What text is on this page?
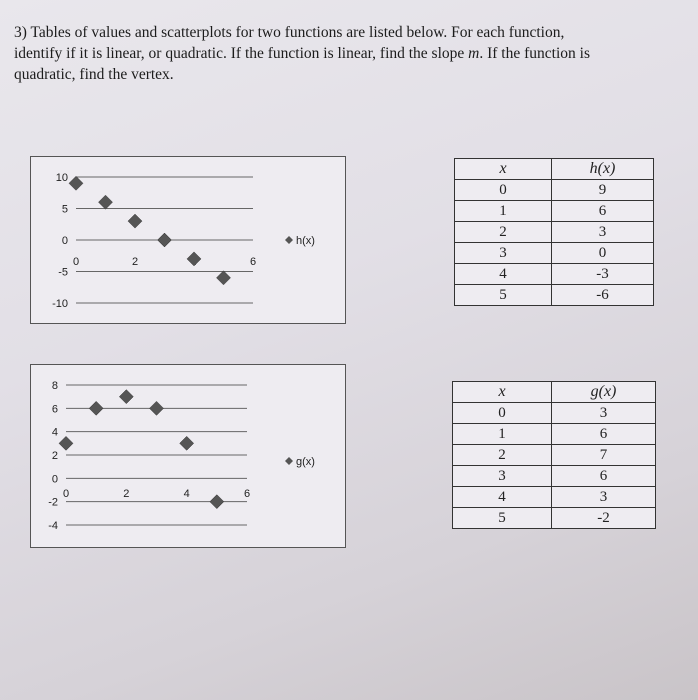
3) Tables of values and scatterplots for two functions are listed below. For each function,
identify if it is linear, or quadratic. If the function is linear, find the slope m. If the function is
quadratic, find the vertex.
10
5
0
-5
-10
0	2	6
h(x)
8
6
4
2
0
-2
-4
0	2	4	6
g(x)
x	h(x)
0	9
1	6
2	3
3	0
4	-3
5	-6
x	g(x)
0	3
1	6
2	7
3	6
4	3
5	-2
